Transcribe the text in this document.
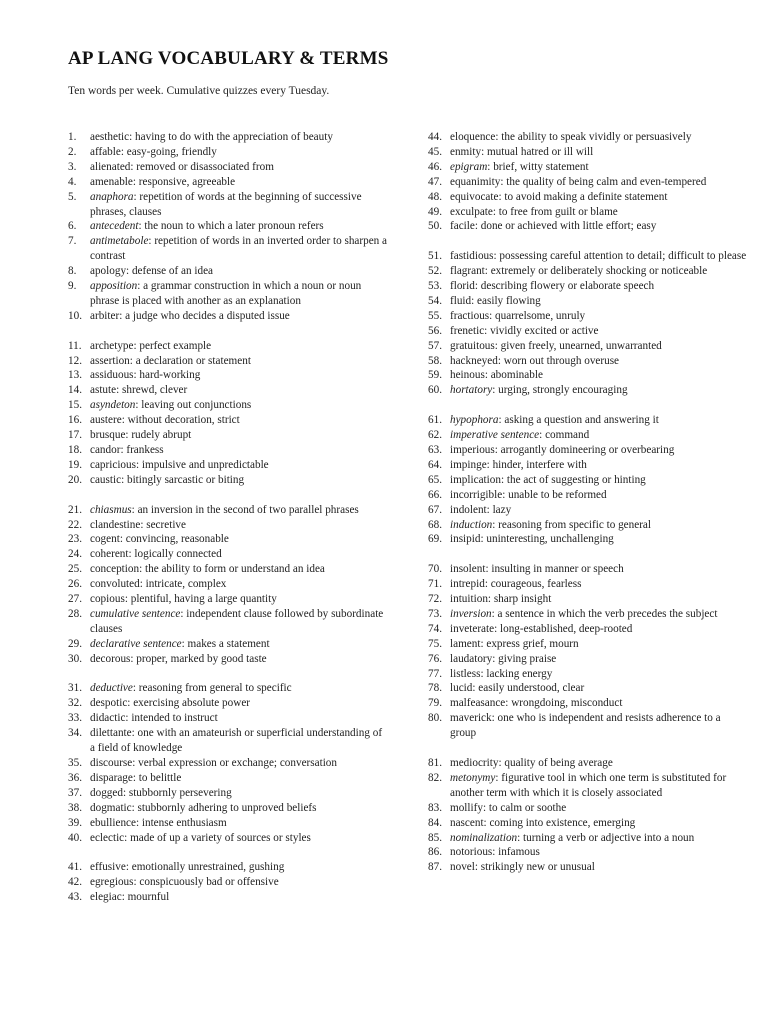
AP LANG VOCABULARY & TERMS
Ten words per week. Cumulative quizzes every Tuesday.
1. aesthetic: having to do with the appreciation of beauty
2. affable: easy-going, friendly
3. alienated: removed or disassociated from
4. amenable: responsive, agreeable
5. anaphora: repetition of words at the beginning of successive phrases, clauses
6. antecedent: the noun to which a later pronoun refers
7. antimetabole: repetition of words in an inverted order to sharpen a contrast
8. apology: defense of an idea
9. apposition: a grammar construction in which a noun or noun phrase is placed with another as an explanation
10. arbiter: a judge who decides a disputed issue
11. archetype: perfect example
12. assertion: a declaration or statement
13. assiduous: hard-working
14. astute: shrewd, clever
15. asyndeton: leaving out conjunctions
16. austere: without decoration, strict
17. brusque: rudely abrupt
18. candor: frankess
19. capricious: impulsive and unpredictable
20. caustic: bitingly sarcastic or biting
21. chiasmus: an inversion in the second of two parallel phrases
22. clandestine: secretive
23. cogent: convincing, reasonable
24. coherent: logically connected
25. conception: the ability to form or understand an idea
26. convoluted: intricate, complex
27. copious: plentiful, having a large quantity
28. cumulative sentence: independent clause followed by subordinate clauses
29. declarative sentence: makes a statement
30. decorous: proper, marked by good taste
31. deductive: reasoning from general to specific
32. despotic: exercising absolute power
33. didactic: intended to instruct
34. dilettante: one with an amateurish or superficial understanding of a field of knowledge
35. discourse: verbal expression or exchange; conversation
36. disparage: to belittle
37. dogged: stubbornly persevering
38. dogmatic: stubbornly adhering to unproved beliefs
39. ebullience: intense enthusiasm
40. eclectic: made of up a variety of sources or styles
41. effusive: emotionally unrestrained, gushing
42. egregious: conspicuously bad or offensive
43. elegiac: mournful
44. eloquence: the ability to speak vividly or persuasively
45. enmity: mutual hatred or ill will
46. epigram: brief, witty statement
47. equanimity: the quality of being calm and even-tempered
48. equivocate: to avoid making a definite statement
49. exculpate: to free from guilt or blame
50. facile: done or achieved with little effort; easy
51. fastidious: possessing careful attention to detail; difficult to please
52. flagrant: extremely or deliberately shocking or noticeable
53. florid: describing flowery or elaborate speech
54. fluid: easily flowing
55. fractious: quarrelsome, unruly
56. frenetic: vividly excited or active
57. gratuitous: given freely, unearned, unwarranted
58. hackneyed: worn out through overuse
59. heinous: abominable
60. hortatory: urging, strongly encouraging
61. hypophora: asking a question and answering it
62. imperative sentence: command
63. imperious: arrogantly domineering or overbearing
64. impinge: hinder, interfere with
65. implication: the act of suggesting or hinting
66. incorrigible: unable to be reformed
67. indolent: lazy
68. induction: reasoning from specific to general
69. insipid: uninteresting, unchallenging
70. insolent: insulting in manner or speech
71. intrepid: courageous, fearless
72. intuition: sharp insight
73. inversion: a sentence in which the verb precedes the subject
74. inveterate: long-established, deep-rooted
75. lament: express grief, mourn
76. laudatory: giving praise
77. listless: lacking energy
78. lucid: easily understood, clear
79. malfeasance: wrongdoing, misconduct
80. maverick: one who is independent and resists adherence to a group
81. mediocrity: quality of being average
82. metonymy: figurative tool in which one term is substituted for another term with which it is closely associated
83. mollify: to calm or soothe
84. nascent: coming into existence, emerging
85. nominalization: turning a verb or adjective into a noun
86. notorious: infamous
87. novel: strikingly new or unusual
